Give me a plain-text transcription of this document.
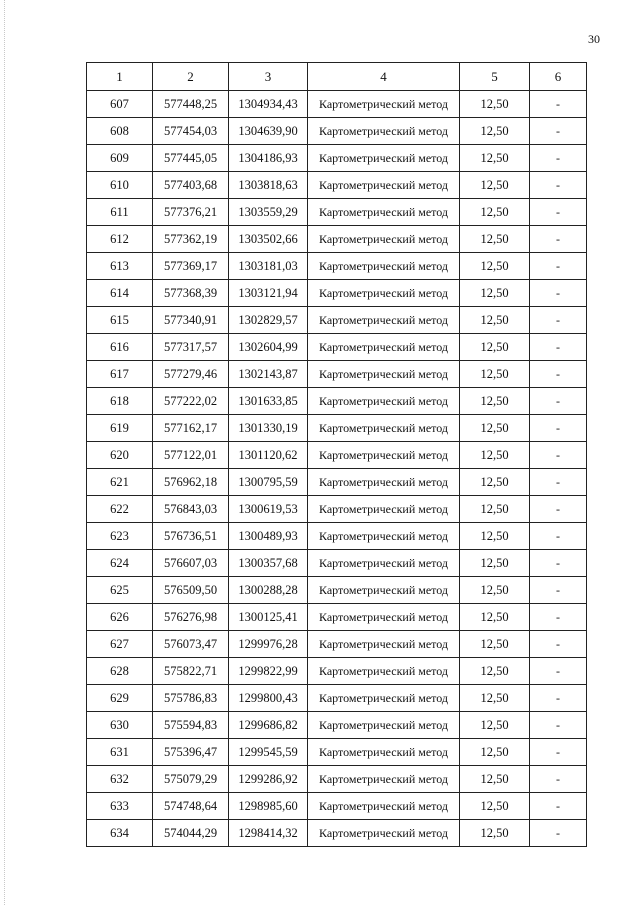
30
1	2	3	4	5	6
607	577448,25	1304934,43	Картометрический метод	12,50	-
608	577454,03	1304639,90	Картометрический метод	12,50	-
609	577445,05	1304186,93	Картометрический метод	12,50	-
610	577403,68	1303818,63	Картометрический метод	12,50	-
611	577376,21	1303559,29	Картометрический метод	12,50	-
612	577362,19	1303502,66	Картометрический метод	12,50	-
613	577369,17	1303181,03	Картометрический метод	12,50	-
614	577368,39	1303121,94	Картометрический метод	12,50	-
615	577340,91	1302829,57	Картометрический метод	12,50	-
616	577317,57	1302604,99	Картометрический метод	12,50	-
617	577279,46	1302143,87	Картометрический метод	12,50	-
618	577222,02	1301633,85	Картометрический метод	12,50	-
619	577162,17	1301330,19	Картометрический метод	12,50	-
620	577122,01	1301120,62	Картометрический метод	12,50	-
621	576962,18	1300795,59	Картометрический метод	12,50	-
622	576843,03	1300619,53	Картометрический метод	12,50	-
623	576736,51	1300489,93	Картометрический метод	12,50	-
624	576607,03	1300357,68	Картометрический метод	12,50	-
625	576509,50	1300288,28	Картометрический метод	12,50	-
626	576276,98	1300125,41	Картометрический метод	12,50	-
627	576073,47	1299976,28	Картометрический метод	12,50	-
628	575822,71	1299822,99	Картометрический метод	12,50	-
629	575786,83	1299800,43	Картометрический метод	12,50	-
630	575594,83	1299686,82	Картометрический метод	12,50	-
631	575396,47	1299545,59	Картометрический метод	12,50	-
632	575079,29	1299286,92	Картометрический метод	12,50	-
633	574748,64	1298985,60	Картометрический метод	12,50	-
634	574044,29	1298414,32	Картометрический метод	12,50	-
